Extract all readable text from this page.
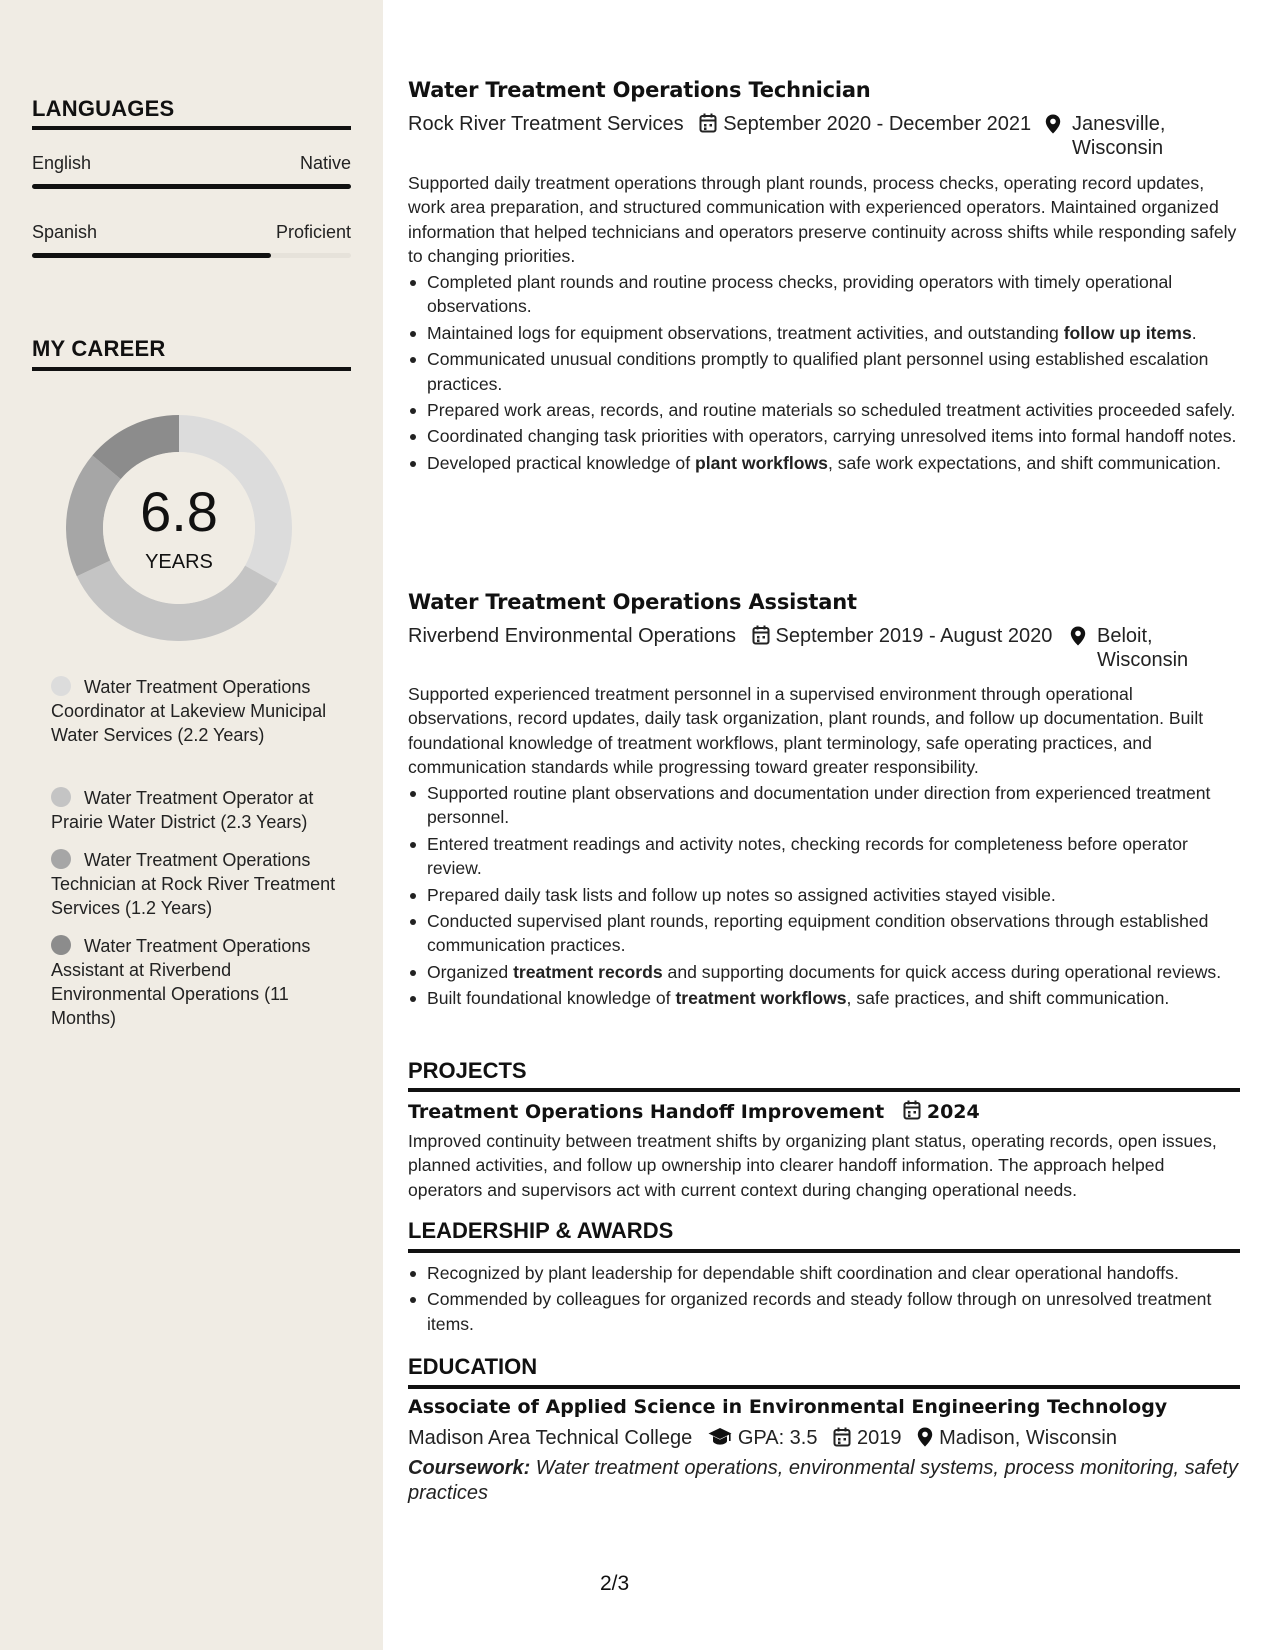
LANGUAGES
English	Native
Spanish	Proficient
MY CAREER
6.8
YEARS
Water Treatment Operations Coordinator at Lakeview Municipal Water Services (2.2 Years)
Water Treatment Operator at Prairie Water District (2.3 Years)
Water Treatment Operations Technician at Rock River Treatment Services (1.2 Years)
Water Treatment Operations Assistant at Riverbend Environmental Operations (11 Months)
Water Treatment Operations Technician
Rock River Treatment Services September 2020 - December 2021 Janesville,
Wisconsin
Supported daily treatment operations through plant rounds, process checks, operating record updates, work area preparation, and structured communication with experienced operators. Maintained organized information that helped technicians and operators preserve continuity across shifts while responding safely to changing priorities.
Completed plant rounds and routine process checks, providing operators with timely operational observations.
Maintained logs for equipment observations, treatment activities, and outstanding follow up items.
Communicated unusual conditions promptly to qualified plant personnel using established escalation practices.
Prepared work areas, records, and routine materials so scheduled treatment activities proceeded safely.
Coordinated changing task priorities with operators, carrying unresolved items into formal handoff notes.
Developed practical knowledge of plant workflows, safe work expectations, and shift communication.
Water Treatment Operations Assistant
Riverbend Environmental Operations September 2019 - August 2020 Beloit,
Wisconsin
Supported experienced treatment personnel in a supervised environment through operational observations, record updates, daily task organization, plant rounds, and follow up documentation. Built foundational knowledge of treatment workflows, plant terminology, safe operating practices, and communication standards while progressing toward greater responsibility.
Supported routine plant observations and documentation under direction from experienced treatment personnel.
Entered treatment readings and activity notes, checking records for completeness before operator review.
Prepared daily task lists and follow up notes so assigned activities stayed visible.
Conducted supervised plant rounds, reporting equipment condition observations through established communication practices.
Organized treatment records and supporting documents for quick access during operational reviews.
Built foundational knowledge of treatment workflows, safe practices, and shift communication.
PROJECTS
Treatment Operations Handoff Improvement 2024
Improved continuity between treatment shifts by organizing plant status, operating records, open issues, planned activities, and follow up ownership into clearer handoff information. The approach helped operators and supervisors act with current context during changing operational needs.
LEADERSHIP & AWARDS
Recognized by plant leadership for dependable shift coordination and clear operational handoffs.
Commended by colleagues for organized records and steady follow through on unresolved treatment items.
EDUCATION
Associate of Applied Science in Environmental Engineering Technology
Madison Area Technical College GPA: 3.5 2019 Madison, Wisconsin
Coursework: Water treatment operations, environmental systems, process monitoring, safety practices
2/3
